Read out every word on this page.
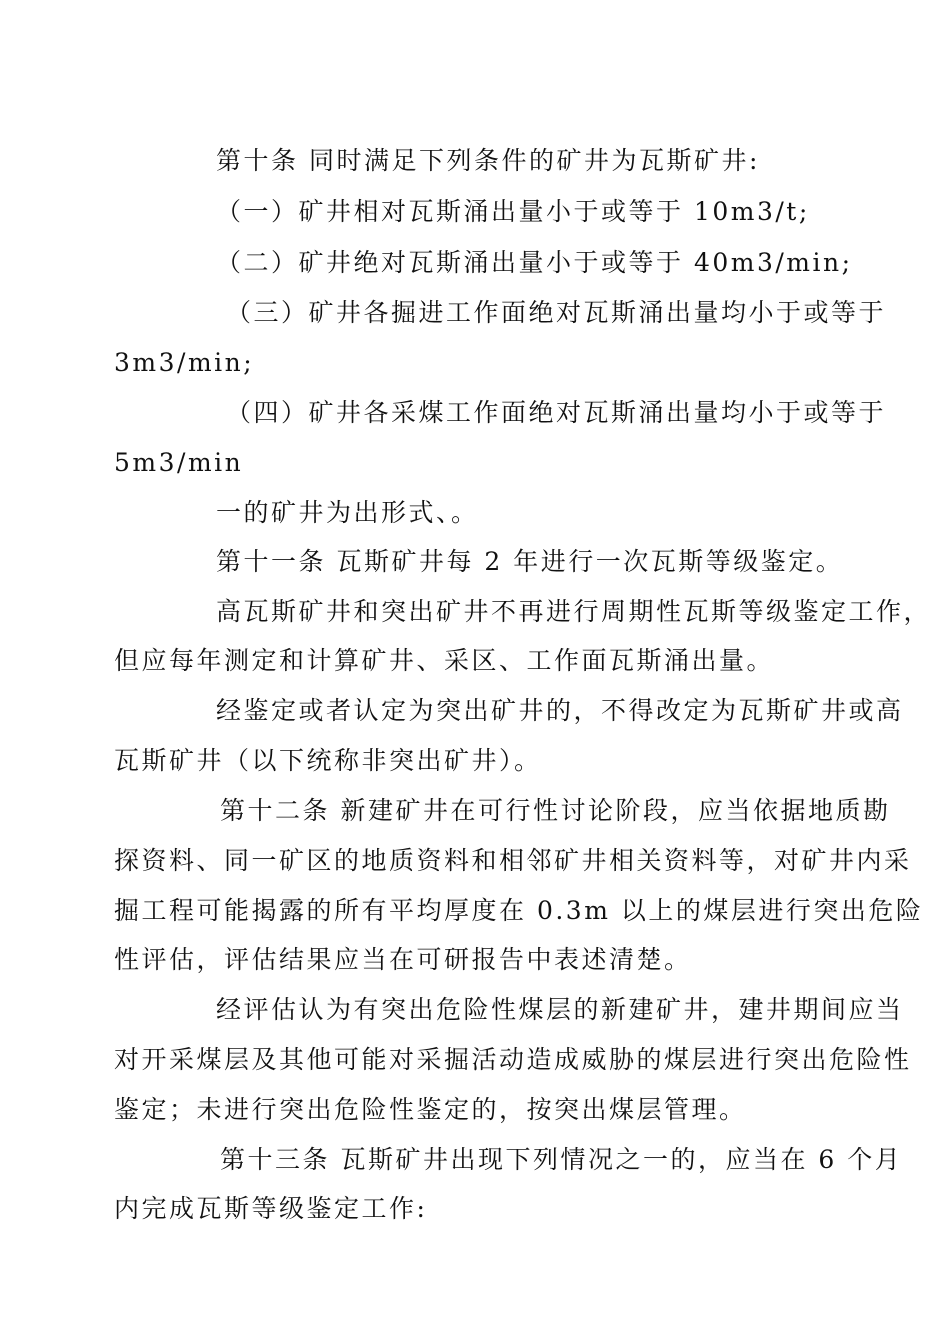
第十条 同时满足下列条件的矿井为瓦斯矿井:

（一）矿井相对瓦斯涌出量小于或等于 10m3/t;

（二）矿井绝对瓦斯涌出量小于或等于 40m3/min;

（三）矿井各掘进工作面绝对瓦斯涌出量均小于或等于

3m3/min;

（四）矿井各采煤工作面绝对瓦斯涌出量均小于或等于

5m3/min

一的矿井为出形式、。

第十一条 瓦斯矿井每 2 年进行一次瓦斯等级鉴定。

高瓦斯矿井和突出矿井不再进行周期性瓦斯等级鉴定工作，

但应每年测定和计算矿井、采区、工作面瓦斯涌出量。

经鉴定或者认定为突出矿井的，不得改定为瓦斯矿井或高

瓦斯矿井（以下统称非突出矿井）。

第十二条 新建矿井在可行性讨论阶段，应当依据地质勘

探资料、同一矿区的地质资料和相邻矿井相关资料等，对矿井内采

掘工程可能揭露的所有平均厚度在 0.3m 以上的煤层进行突出危险

性评估，评估结果应当在可研报告中表述清楚。

经评估认为有突出危险性煤层的新建矿井，建井期间应当

对开采煤层及其他可能对采掘活动造成威胁的煤层进行突出危险性

鉴定；未进行突出危险性鉴定的，按突出煤层管理。

第十三条 瓦斯矿井出现下列情况之一的，应当在 6 个月

内完成瓦斯等级鉴定工作:
